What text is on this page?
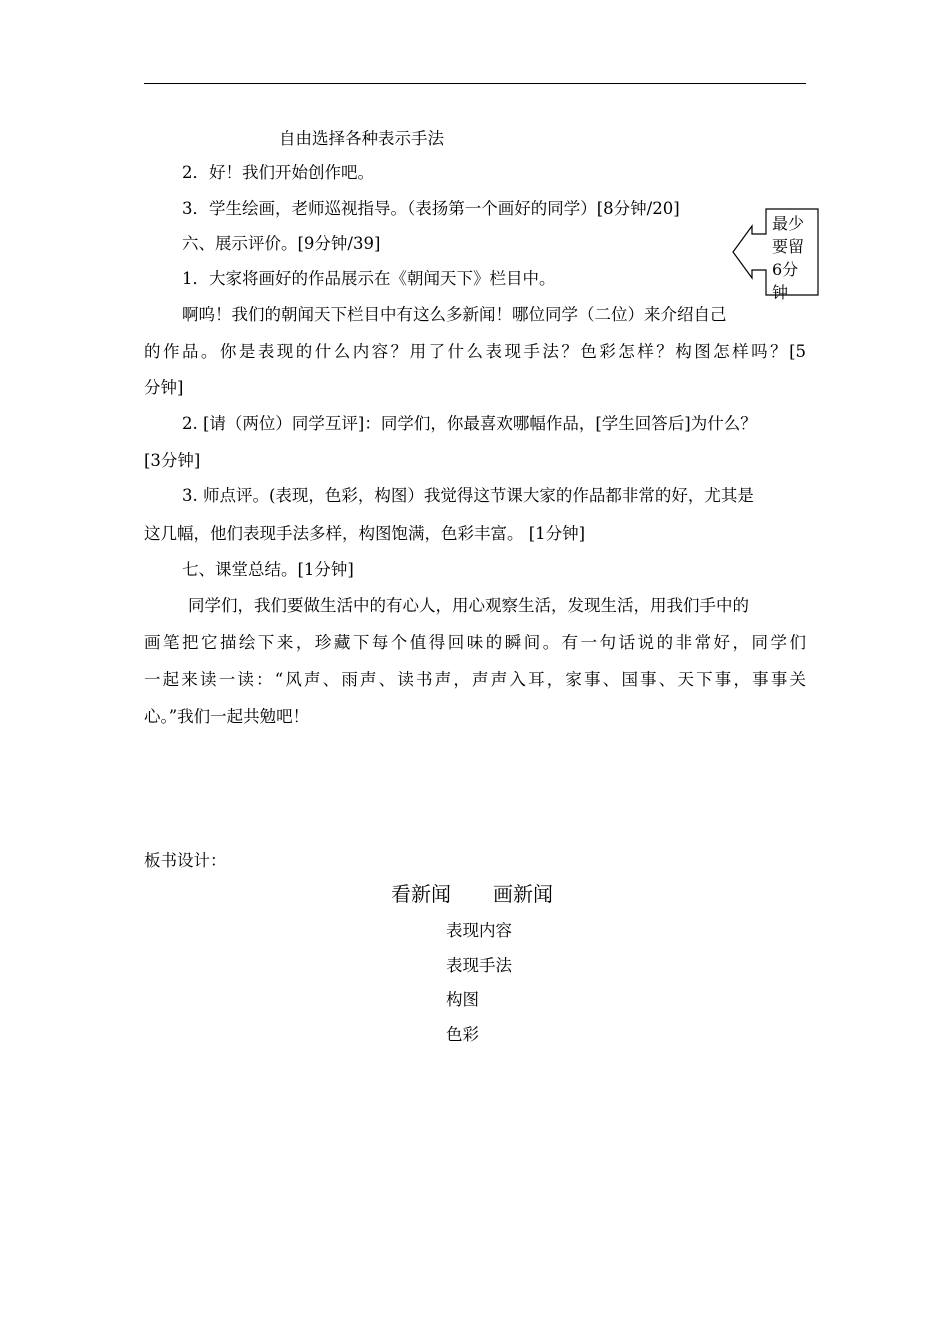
自由选择各种表示手法
2．好！我们开始创作吧。
3．学生绘画，老师巡视指导。（表扬第一个画好的同学）[8分钟/20]
六、展示评价。[9分钟/39]
1．大家将画好的作品展示在《朝闻天下》栏目中。
啊呜！我们的朝闻天下栏目中有这么多新闻！哪位同学（二位）来介绍自己
的作品。你是表现的什么内容？用了什么表现手法？色彩怎样？构图怎样吗？[5
分钟]
2. [请（两位）同学互评]：同学们，你最喜欢哪幅作品，[学生回答后]为什么？
[3分钟]
3. 师点评。(表现，色彩，构图）我觉得这节课大家的作品都非常的好，尤其是
这几幅，他们表现手法多样，构图饱满，色彩丰富。 [1分钟]
七、课堂总结。[1分钟]
同学们，我们要做生活中的有心人，用心观察生活，发现生活，用我们手中的
画笔把它描绘下来，珍藏下每个值得回味的瞬间。有一句话说的非常好，同学们
一起来读一读：“风声、雨声、读书声，声声入耳，家事、国事、天下事，事事关
心。”我们一起共勉吧！
最少要留6分钟
板书设计：
看新闻 画新闻
表现内容
表现手法
构图
色彩
